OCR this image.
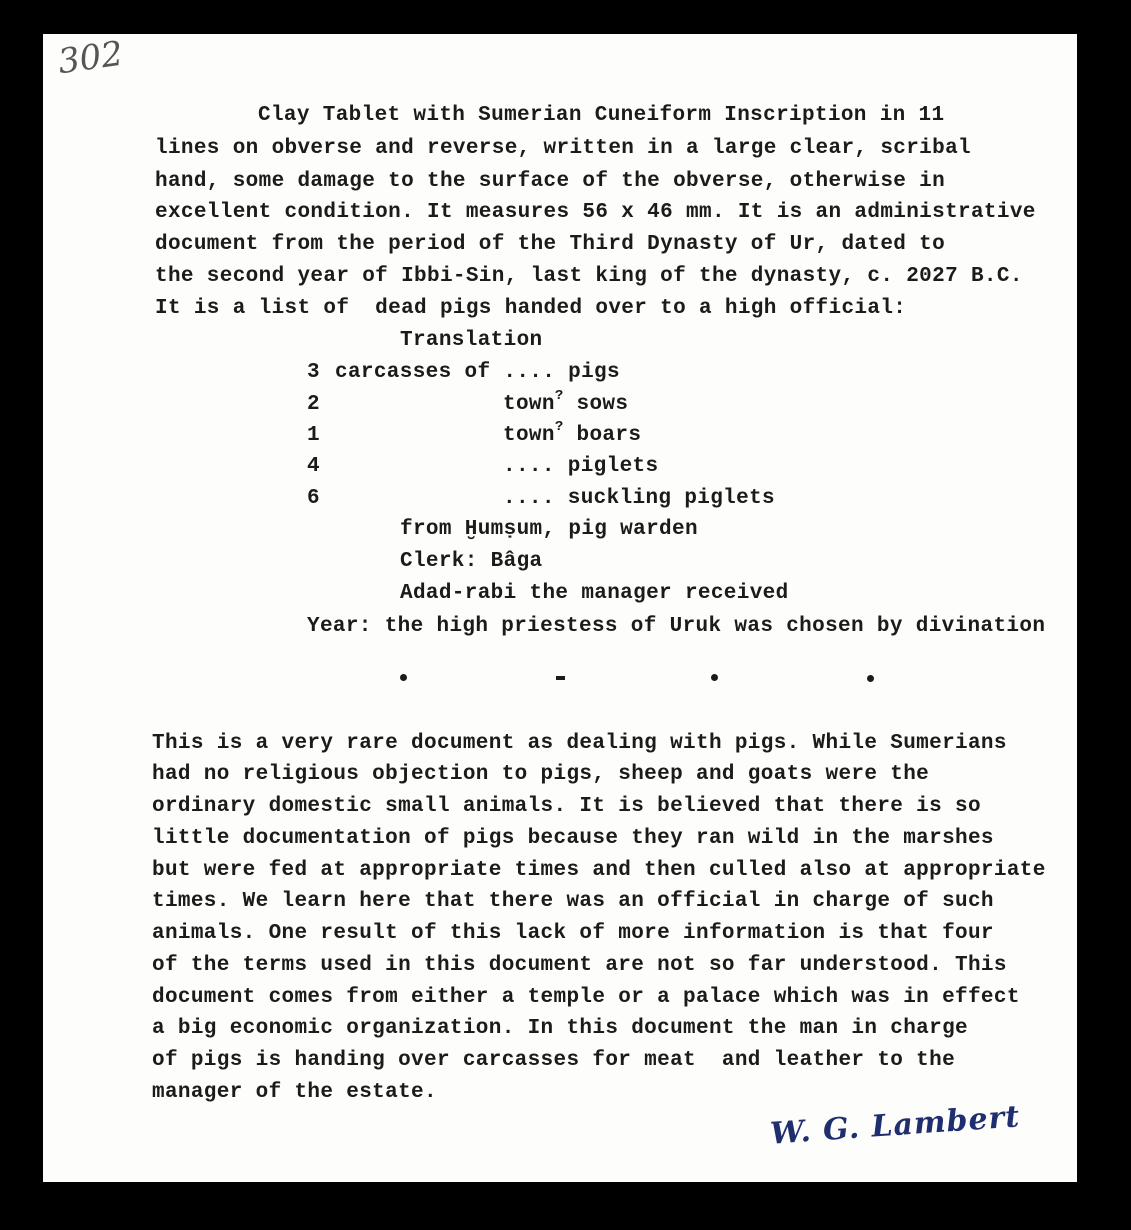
302
Clay Tablet with Sumerian Cuneiform Inscription in 11
lines on obverse and reverse, written in a large clear, scribal
hand, some damage to the surface of the obverse, otherwise in
excellent condition. It measures 56 x 46 mm. It is an administrative
document from the period of the Third Dynasty of Ur, dated to
the second year of Ibbi-Sin, last king of the dynasty, c. 2027 B.C.
It is a list of  dead pigs handed over to a high official:
Translation
3 carcasses of .... pigs
2	town? sows
1	town? boars
4	.... piglets
6	.... suckling piglets
from Ḫumṣum, pig warden
Clerk: Bâga
Adad-rabi the manager received
Year: the high priestess of Uruk was chosen by divination
This is a very rare document as dealing with pigs. While Sumerians
had no religious objection to pigs, sheep and goats were the
ordinary domestic small animals. It is believed that there is so
little documentation of pigs because they ran wild in the marshes
but were fed at appropriate times and then culled also at appropriate
times. We learn here that there was an official in charge of such
animals. One result of this lack of more information is that four
of the terms used in this document are not so far understood. This
document comes from either a temple or a palace which was in effect
a big economic organization. In this document the man in charge
of pigs is handing over carcasses for meat  and leather to the
manager of the estate.
W. G. Lambert
